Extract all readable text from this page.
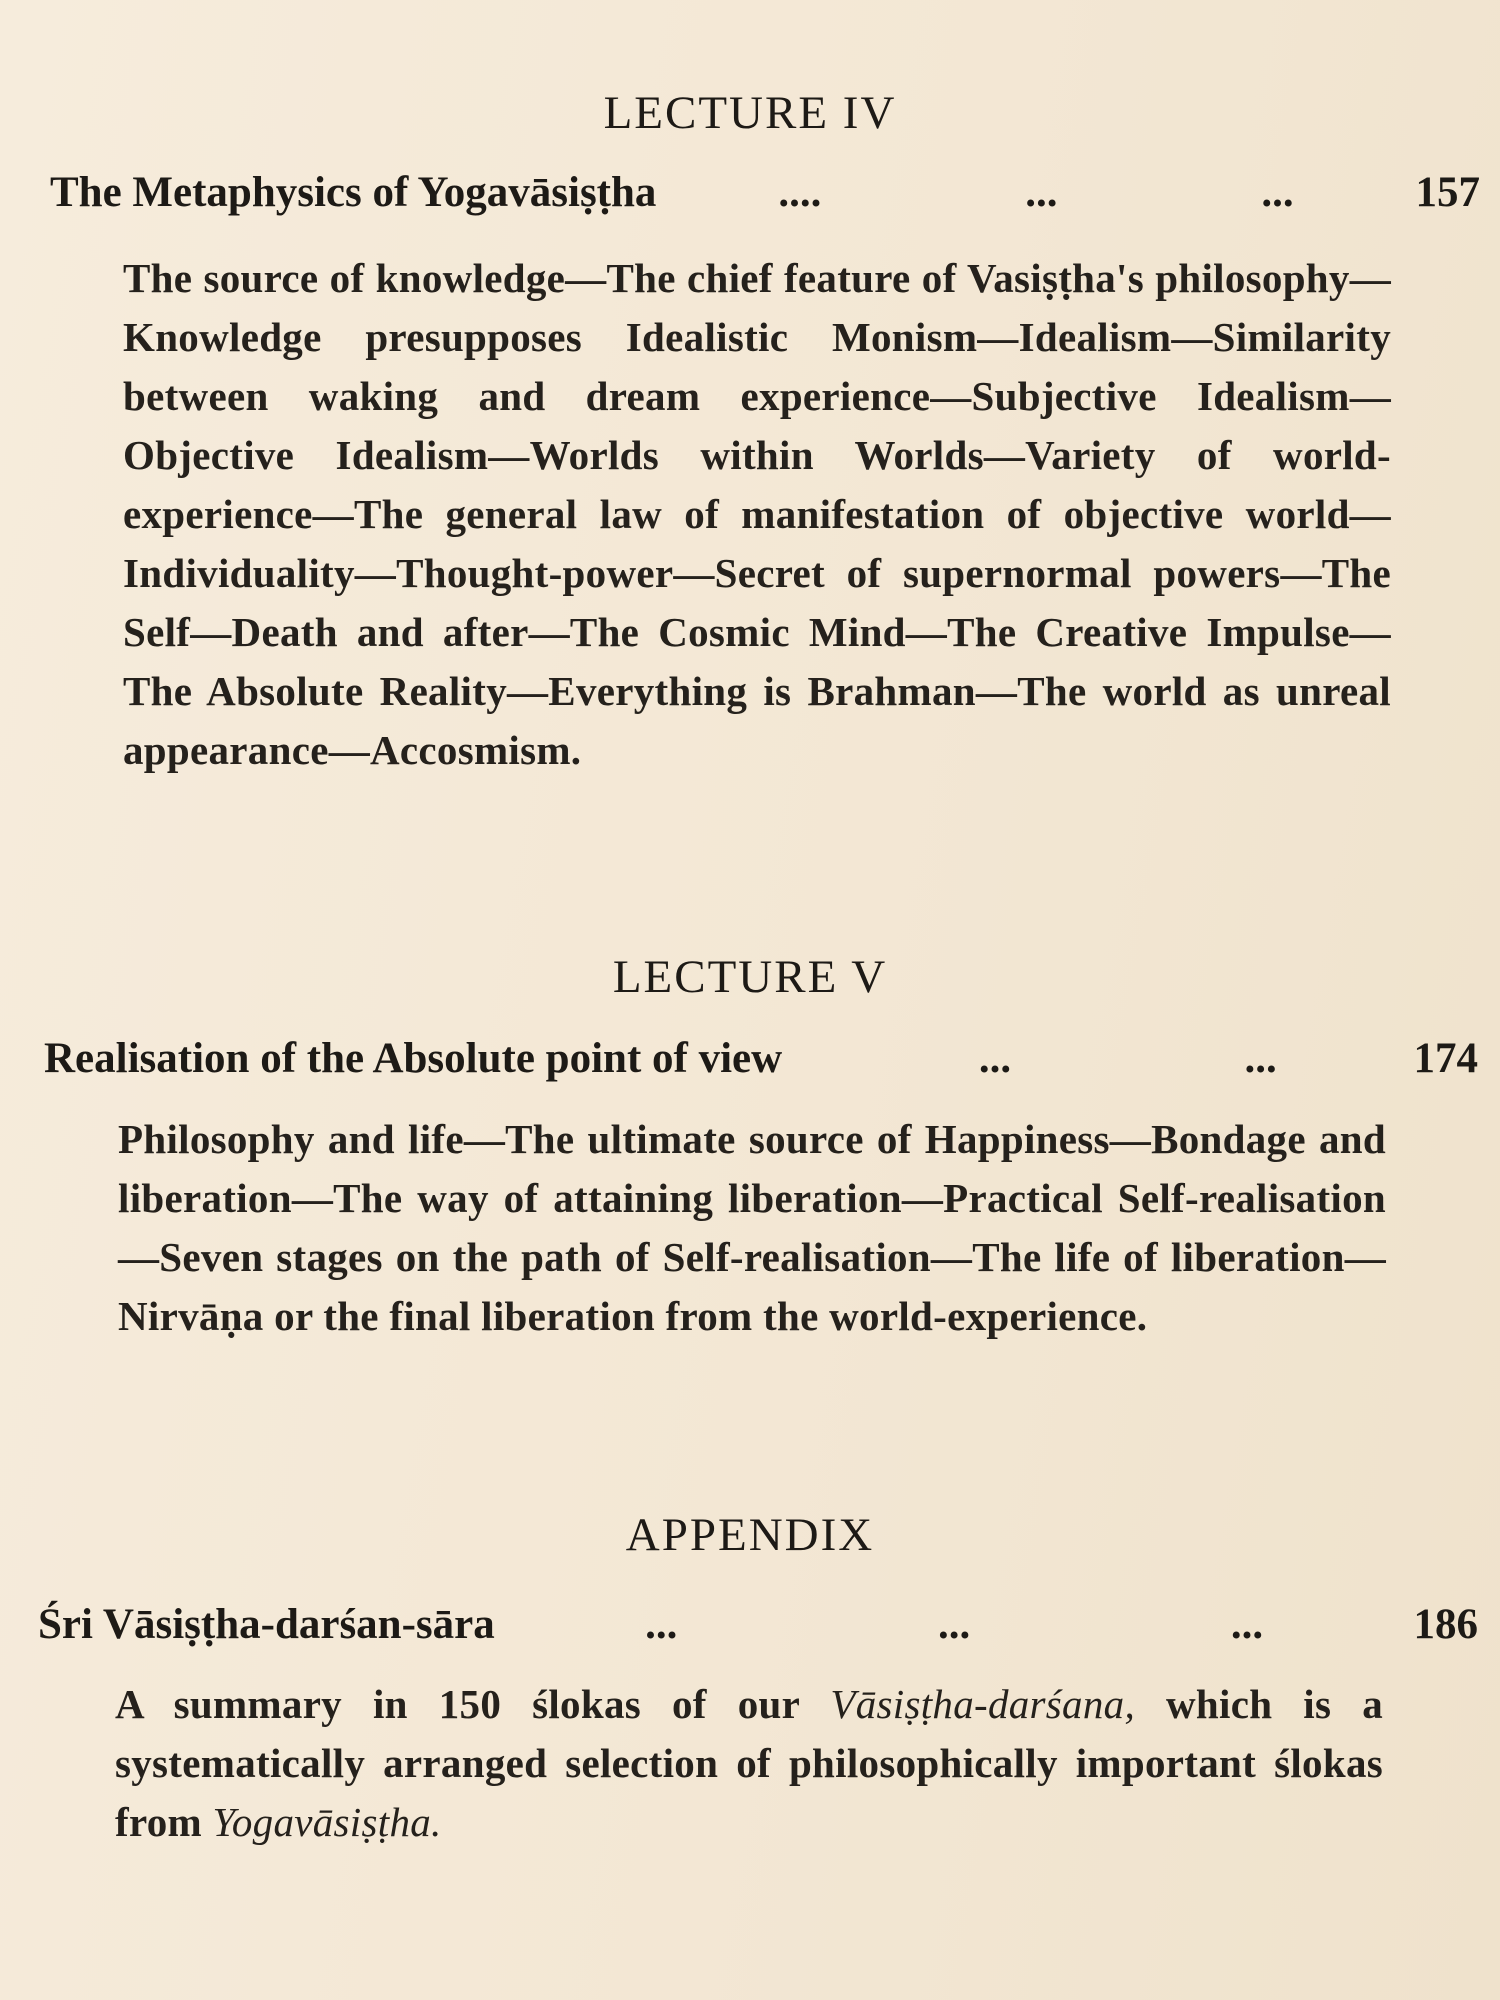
LECTURE IV
The Metaphysics of Yogavāsiṣṭha	....	...	...	157

The source of knowledge—The chief feature of Vasiṣṭha's philosophy—Knowledge presupposes Idealistic Monism—Idealism—Similarity between waking and dream experience—Subjective Idealism—Objective Idealism—Worlds within Worlds—Variety of world-experience—The general law of manifestation of objective world—Individuality—Thought-power—Secret of supernormal powers—The Self—Death and after—The Cosmic Mind—The Creative Impulse—The Absolute Reality—Everything is Brahman—The world as unreal appearance—Accosmism.

LECTURE V
Realisation of the Absolute point of view	...	...	174

Philosophy and life—The ultimate source of Happiness—Bondage and liberation—The way of attaining liberation—Practical Self-realisation—Seven stages on the path of Self-realisation—The life of liberation—Nirvāṇa or the final liberation from the world-experience.

APPENDIX
Śri Vāsiṣṭha-darśan-sāra	...	...	...	186

A summary in 150 ślokas of our Vāsiṣṭha-darśana, which is a systematically arranged selection of philosophically important ślokas from Yogavāsiṣṭha.
